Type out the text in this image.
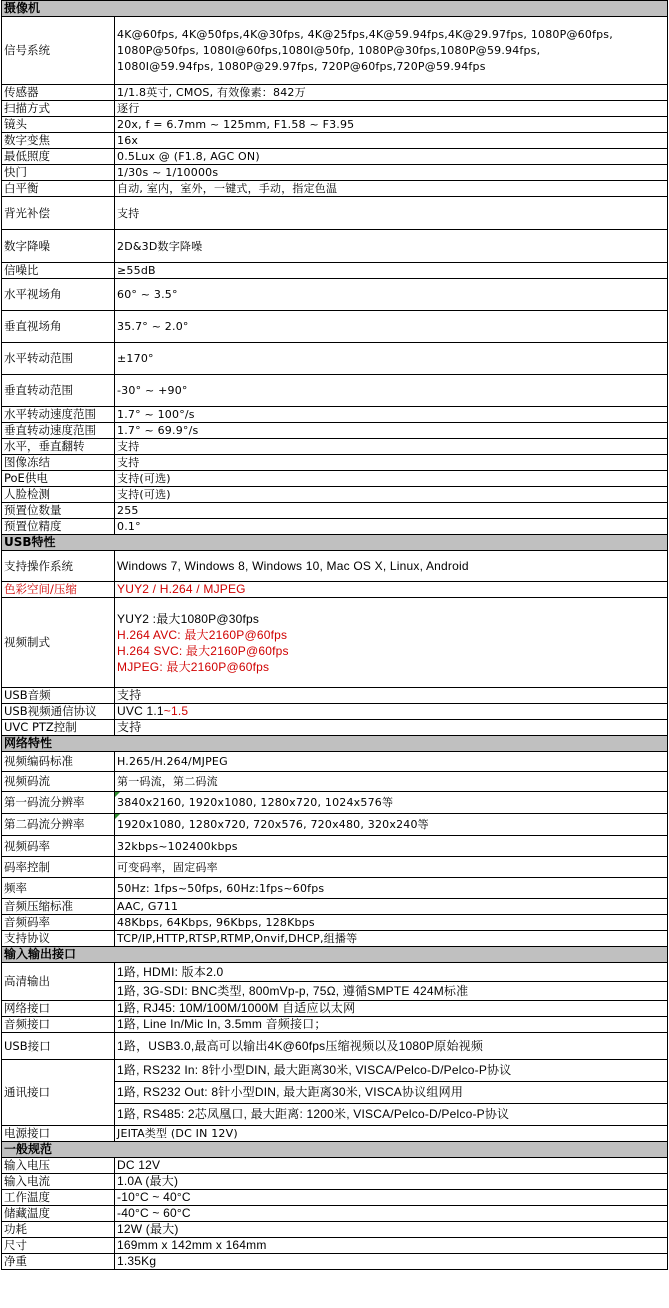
摄像机	
信号系统	4K@60fps, 4K@50fps,4K@30fps, 4K@25fps,4K@59.94fps,4K@29.97fps, 1080P@60fps,
1080P@50fps, 1080I@60fps,1080I@50fp, 1080P@30fps,1080P@59.94fps,
1080I@59.94fps, 1080P@29.97fps, 720P@60fps,720P@59.94fps

传感器	1/1.8英寸, CMOS, 有效像素：842万
扫描方式	逐行
镜头	20x, f = 6.7mm ~ 125mm, F1.58 ~ F3.95
数字变焦	16x
最低照度	0.5Lux @ (F1.8, AGC ON)
快门	1/30s ~ 1/10000s
白平衡	自动, 室内，室外，一键式，手动，指定色温
背光补偿	支持
数字降噪	2D&3D数字降噪
信噪比	≥55dB
水平视场角	60° ~ 3.5°
垂直视场角	35.7° ~ 2.0°
水平转动范围	±170°
垂直转动范围	-30° ~ +90°
水平转动速度范围	1.7° ~ 100°/s
垂直转动速度范围	1.7° ~ 69.9°/s
水平，垂直翻转	支持
图像冻结	支持
PoE供电	支持(可选)
人脸检测	支持(可选)
预置位数量	255
预置位精度	0.1°
USB特性	
支持操作系统	Windows 7, Windows 8, Windows 10, Mac OS X, Linux, Android
色彩空间/压缩	YUY2 / H.264 / MJPEG
视频制式	YUY2 :最大1080P@30fps
H.264 AVC: 最大2160P@60fps
H.264 SVC: 最大2160P@60fps
MJPEG: 最大2160P@60fps

USB音频	支持
USB视频通信协议	UVC 1.1~1.5
UVC PTZ控制	支持
网络特性	
视频编码标准	H.265/H.264/MJPEG
视频码流	第一码流，第二码流
第一码流分辨率	3840x2160, 1920x1080, 1280x720, 1024x576等
第二码流分辨率	1920x1080, 1280x720, 720x576, 720x480, 320x240等
视频码率	32kbps~102400kbps
码率控制	可变码率，固定码率
频率	50Hz: 1fps~50fps, 60Hz:1fps~60fps
音频压缩标准	AAC, G711
音频码率	48Kbps, 64Kbps, 96Kbps, 128Kbps
支持协议	TCP/IP,HTTP,RTSP,RTMP,Onvif,DHCP,组播等
输入输出接口	
高清输出	1路, HDMI: 版本2.0
	1路, 3G-SDI: BNC类型, 800mVp-p, 75Ω, 遵循SMPTE 424M标准
网络接口	1路, RJ45: 10M/100M/1000M 自适应以太网
音频接口	1路, Line In/Mic In, 3.5mm 音频接口；
USB接口	1路，USB3.0,最高可以输出4K@60fps压缩视频以及1080P原始视频
通讯接口	1路, RS232 In: 8针小型DIN, 最大距离30米, VISCA/Pelco-D/Pelco-P协议
	1路, RS232 Out: 8针小型DIN, 最大距离30米, VISCA协议组网用
	1路, RS485: 2芯凤凰口, 最大距离: 1200米, VISCA/Pelco-D/Pelco-P协议
电源接口	JEITA类型 (DC IN 12V)
一般规范	
输入电压	DC 12V
输入电流	1.0A (最大)
工作温度	-10°C ~ 40°C
储藏温度	-40°C ~ 60°C
功耗	12W (最大)
尺寸	169mm x 142mm x 164mm
净重	1.35Kg
